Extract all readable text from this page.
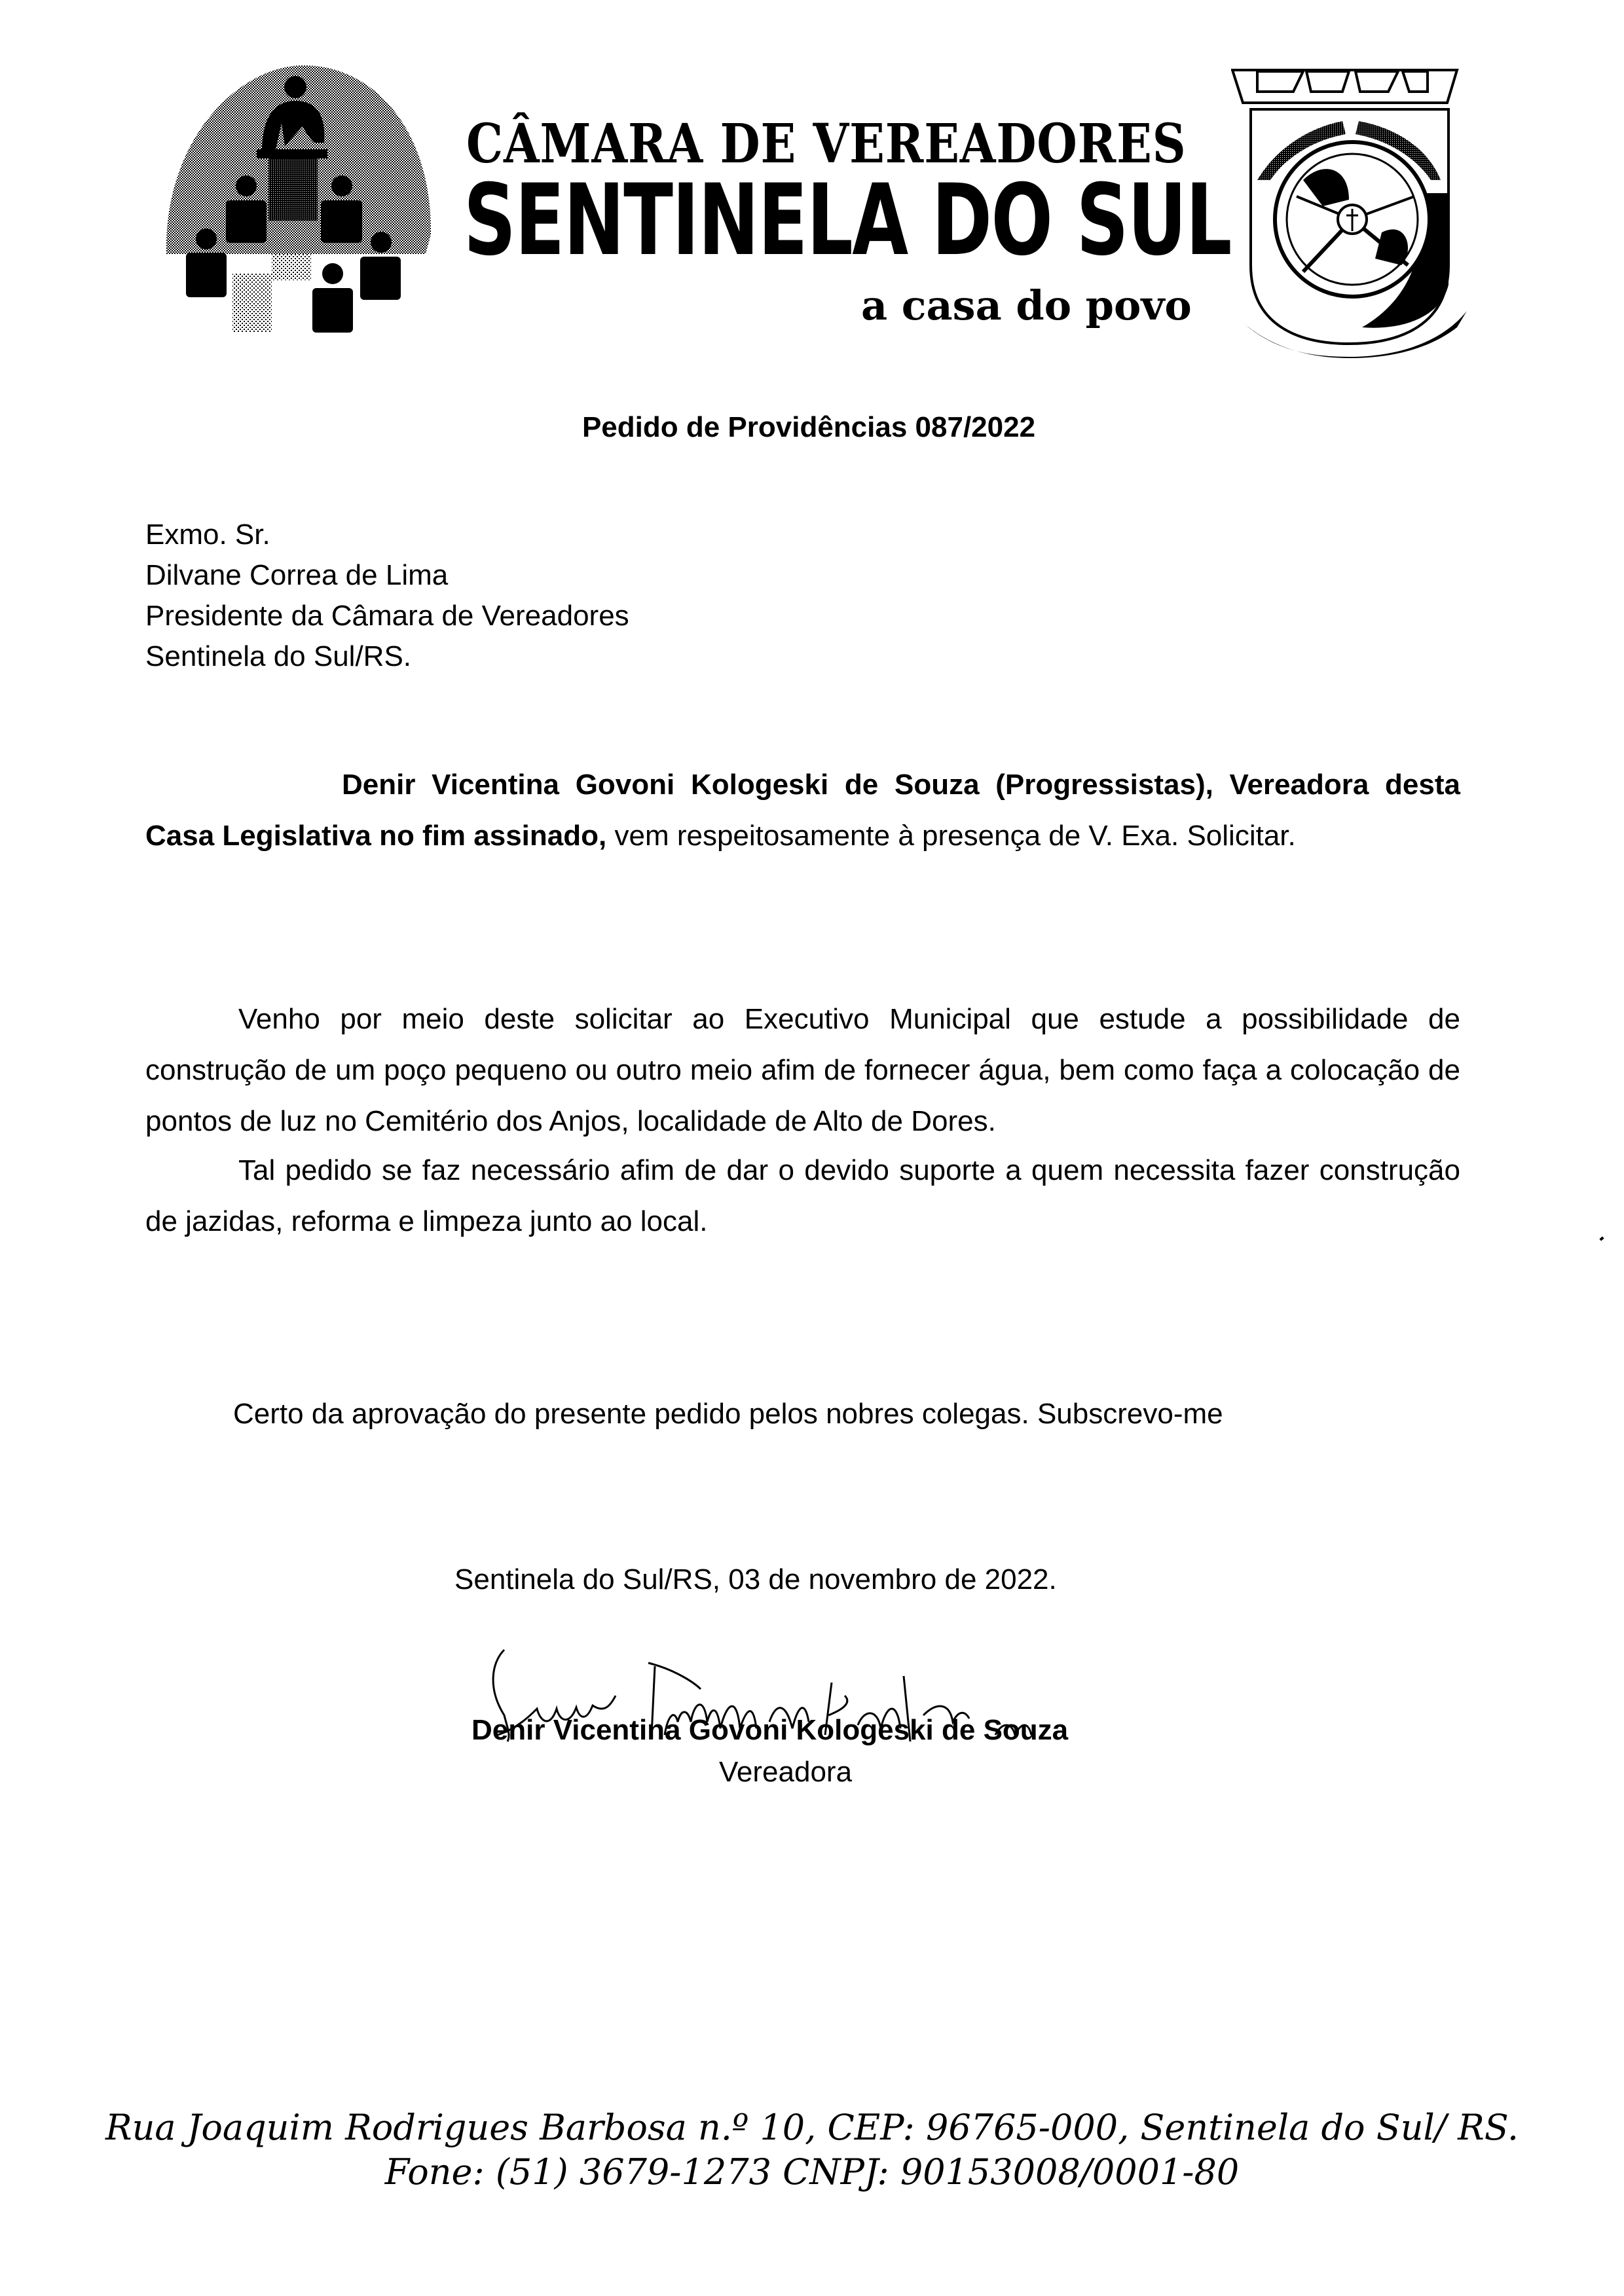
CÂMARA DE VEREADORES
SENTINELA DO SUL
a casa do povo
Pedido de Providências 087/2022
Exmo. Sr.
Dilvane Correa de Lima
Presidente da Câmara de Vereadores
Sentinela do Sul/RS.
Denir Vicentina Govoni Kologeski de Souza (Progressistas), Vereadora desta Casa Legislativa no fim assinado, vem respeitosamente à presença de V. Exa. Solicitar.
Venho por meio deste solicitar ao Executivo Municipal que estude a possibilidade de construção de um poço pequeno ou outro meio afim de fornecer água, bem como faça a colocação de pontos de luz no Cemitério dos Anjos, localidade de Alto de Dores.
Tal pedido se faz necessário afim de dar o devido suporte a quem necessita fazer construção de jazidas, reforma e limpeza junto ao local.
Certo da aprovação do presente pedido pelos nobres colegas. Subscrevo-me
Sentinela do Sul/RS, 03 de novembro de 2022.
Denir Vicentina Govoni Kologeski de Souza
Vereadora
Rua Joaquim Rodrigues Barbosa n.º 10, CEP: 96765-000, Sentinela do Sul/ RS.
Fone: (51) 3679-1273 CNPJ: 90153008/0001-80
